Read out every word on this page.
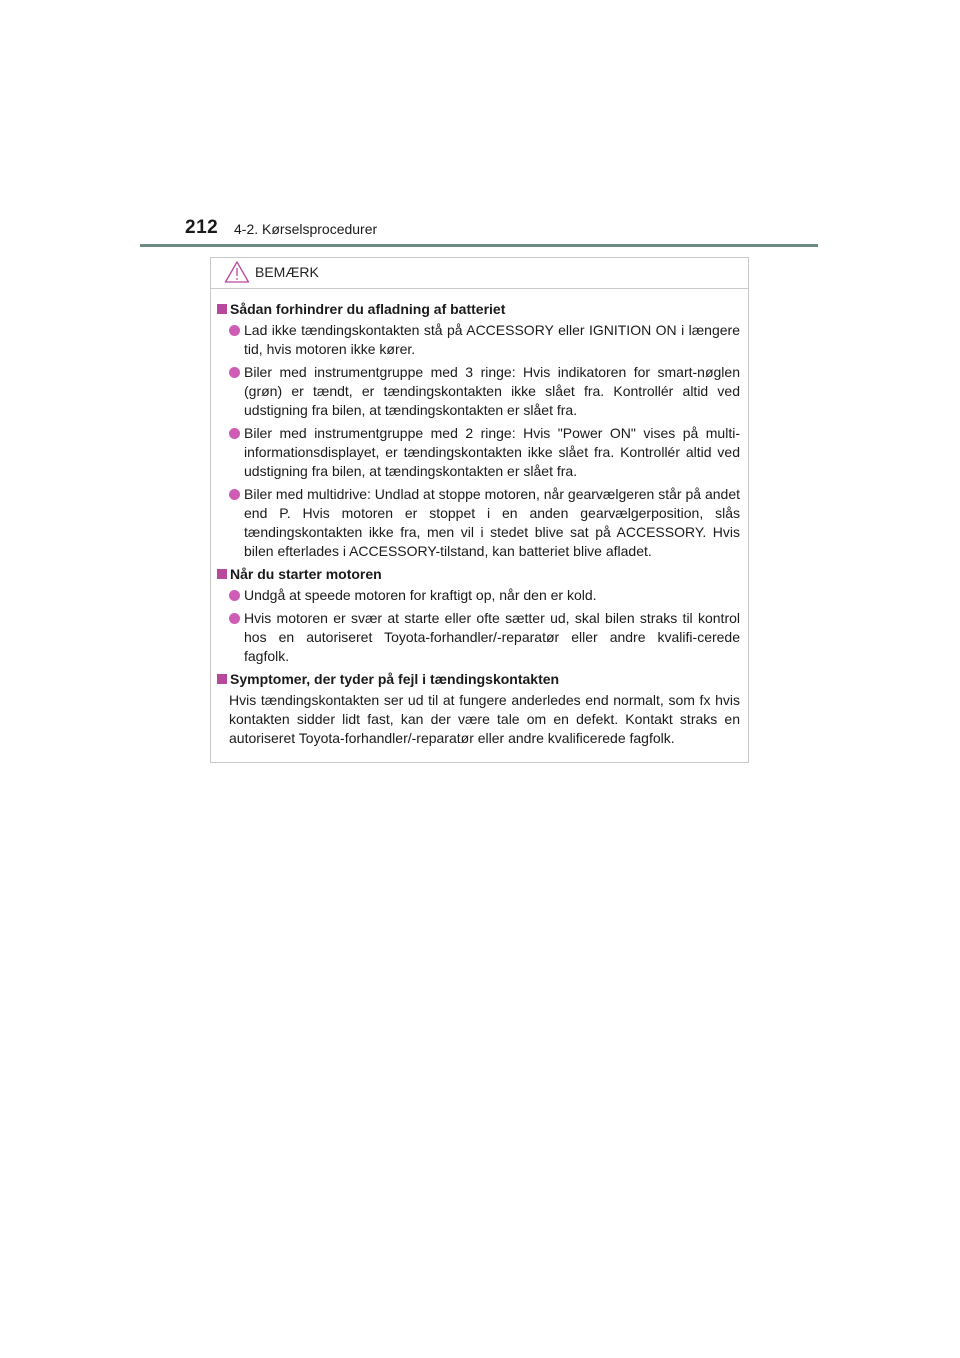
212 4-2. Kørselsprocedurer
BEMÆRK
Sådan forhindrer du afladning af batteriet
Lad ikke tændingskontakten stå på ACCESSORY eller IGNITION ON i længere tid, hvis motoren ikke kører.
Biler med instrumentgruppe med 3 ringe: Hvis indikatoren for smart-nøglen (grøn) er tændt, er tændingskontakten ikke slået fra. Kontrollér altid ved udstigning fra bilen, at tændingskontakten er slået fra.
Biler med instrumentgruppe med 2 ringe: Hvis "Power ON" vises på multi-informationsdisplayet, er tændingskontakten ikke slået fra. Kontrollér altid ved udstigning fra bilen, at tændingskontakten er slået fra.
Biler med multidrive: Undlad at stoppe motoren, når gearvælgeren står på andet end P. Hvis motoren er stoppet i en anden gearvælgerposition, slås tændingskontakten ikke fra, men vil i stedet blive sat på ACCESSORY. Hvis bilen efterlades i ACCESSORY-tilstand, kan batteriet blive afladet.
Når du starter motoren
Undgå at speede motoren for kraftigt op, når den er kold.
Hvis motoren er svær at starte eller ofte sætter ud, skal bilen straks til kontrol hos en autoriseret Toyota-forhandler/-reparatør eller andre kvalifi-cerede fagfolk.
Symptomer, der tyder på fejl i tændingskontakten
Hvis tændingskontakten ser ud til at fungere anderledes end normalt, som fx hvis kontakten sidder lidt fast, kan der være tale om en defekt. Kontakt straks en autoriseret Toyota-forhandler/-reparatør eller andre kvalificerede fagfolk.
